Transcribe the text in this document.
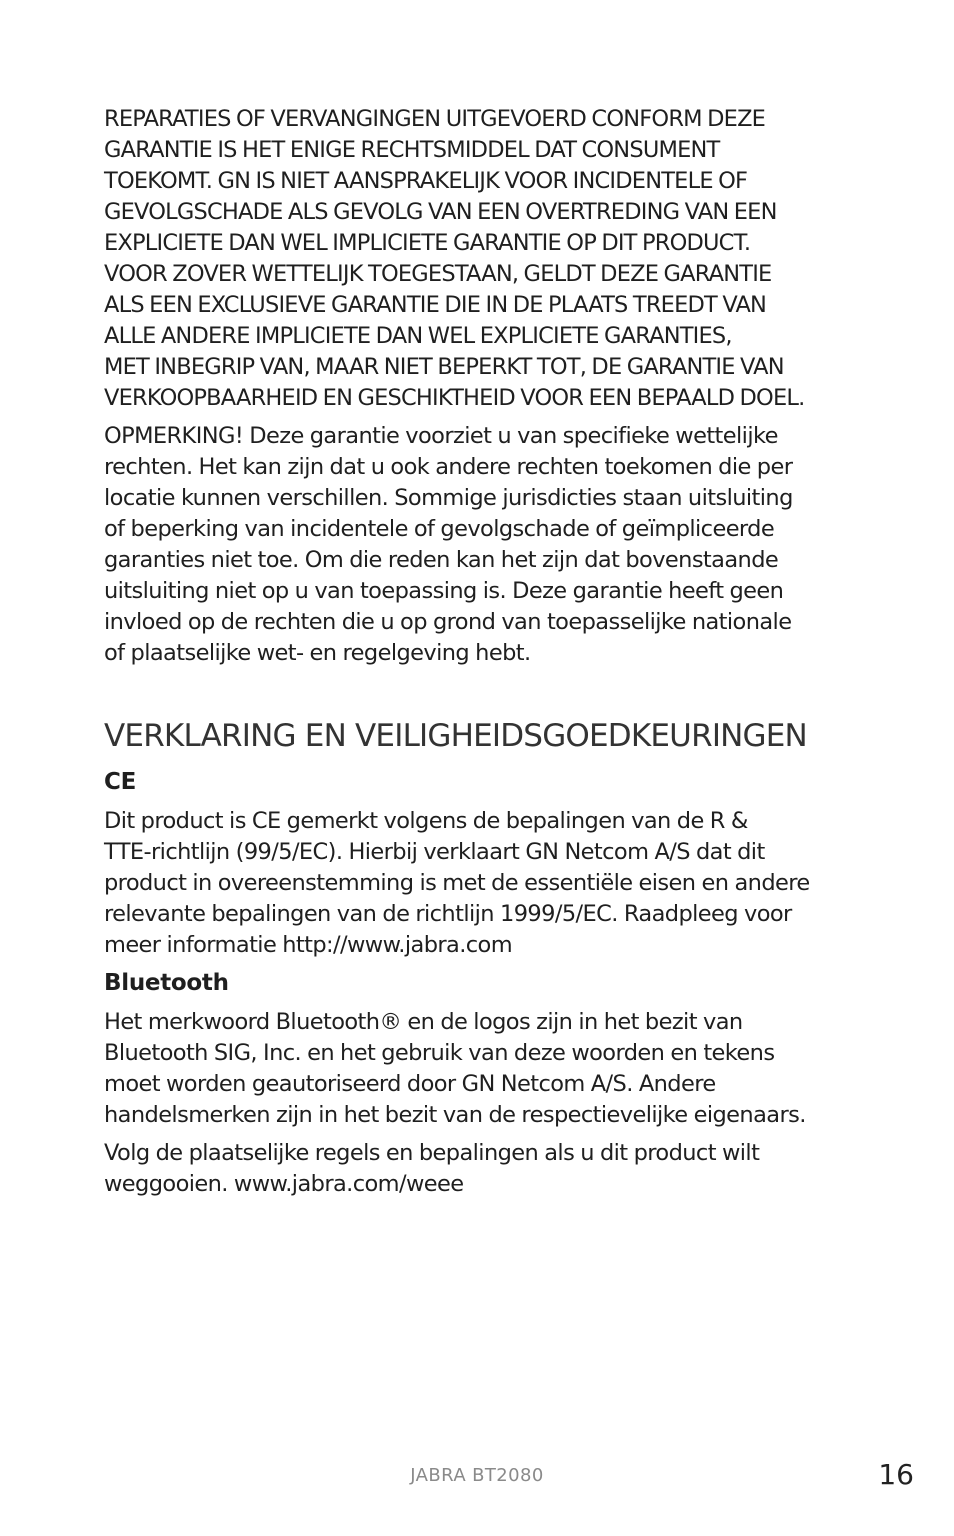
REPARATIES OF VERVANGINGEN UITGEVOERD CONFORM DEZE
GARANTIE IS HET ENIGE RECHTSMIDDEL DAT CONSUMENT
TOEKOMT. GN IS NIET AANSPRAKELIJK VOOR INCIDENTELE OF
GEVOLGSCHADE ALS GEVOLG VAN EEN OVERTREDING VAN EEN
EXPLICIETE DAN WEL IMPLICIETE GARANTIE OP DIT PRODUCT.
VOOR ZOVER WETTELIJK TOEGESTAAN, GELDT DEZE GARANTIE
ALS EEN EXCLUSIEVE GARANTIE DIE IN DE PLAATS TREEDT VAN
ALLE ANDERE IMPLICIETE DAN WEL EXPLICIETE GARANTIES,
MET INBEGRIP VAN, MAAR NIET BEPERKT TOT, DE GARANTIE VAN
VERKOOPBAARHEID EN GESCHIKTHEID VOOR EEN BEPAALD DOEL.

OPMERKING! Deze garantie voorziet u van specifieke wettelijke
rechten. Het kan zijn dat u ook andere rechten toekomen die per
locatie kunnen verschillen. Sommige jurisdicties staan uitsluiting
of beperking van incidentele of gevolgschade of geïmpliceerde
garanties niet toe. Om die reden kan het zijn dat bovenstaande
uitsluiting niet op u van toepassing is. Deze garantie heeft geen
invloed op de rechten die u op grond van toepasselijke nationale
of plaatselijke wet- en regelgeving hebt.

VERKLARING EN VEILIGHEIDSGOEDKEURINGEN
CE

Dit product is CE gemerkt volgens de bepalingen van de R &
TTE-richtlijn (99/5/EC). Hierbij verklaart GN Netcom A/S dat dit
product in overeenstemming is met de essentiële eisen en andere
relevante bepalingen van de richtlijn 1999/5/EC. Raadpleeg voor
meer informatie http://www.jabra.com

Bluetooth

Het merkwoord Bluetooth® en de logos zijn in het bezit van
Bluetooth SIG, Inc. en het gebruik van deze woorden en tekens
moet worden geautoriseerd door GN Netcom A/S. Andere
handelsmerken zijn in het bezit van de respectievelijke eigenaars.

Volg de plaatselijke regels en bepalingen als u dit product wilt
weggooien. www.jabra.com/weee

JABRA BT2080	16
